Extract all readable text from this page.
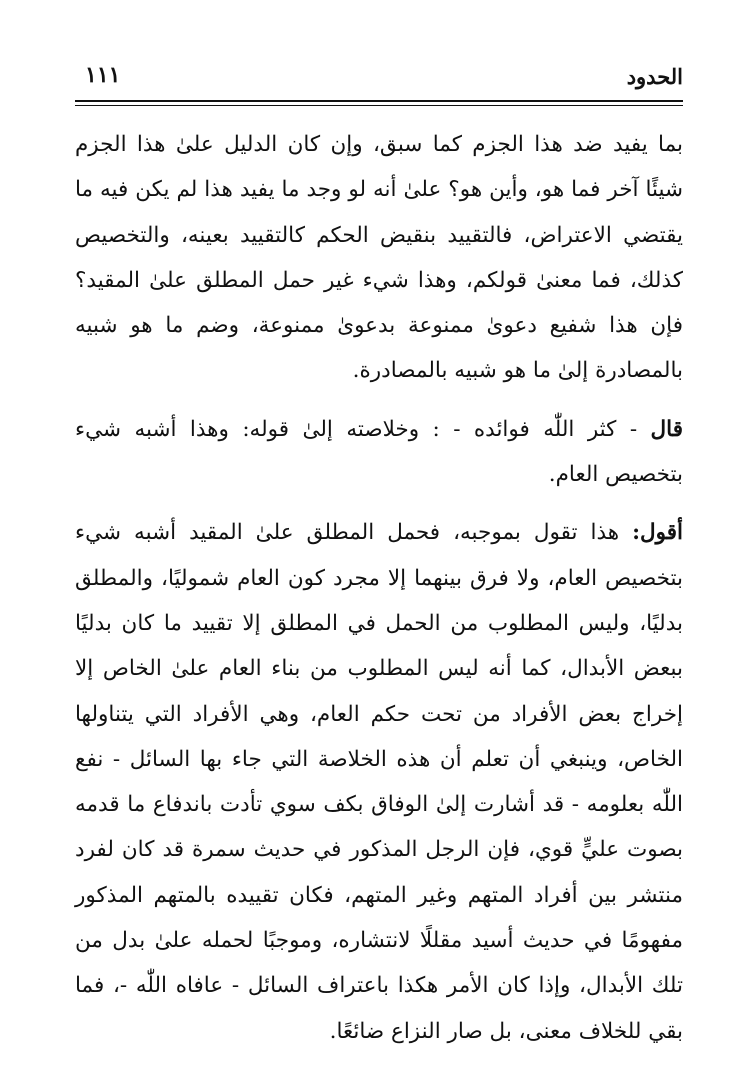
الحدود
١١١

بما يفيد ضد هذا الجزم كما سبق، وإن كان الدليل علىٰ هذا الجزم شيئًا آخر فما هو، وأين هو؟ علىٰ أنه لو وجد ما يفيد هذا لم يكن فيه ما يقتضي الاعتراض، فالتقييد بنقيض الحكم كالتقييد بعينه، والتخصيص كذلك، فما معنىٰ قولكم، وهذا شيء غير حمل المطلق علىٰ المقيد؟ فإن هذا شفيع دعوىٰ ممنوعة بدعوىٰ ممنوعة، وضم ما هو شبيه بالمصادرة إلىٰ ما هو شبيه بالمصادرة.

قال - كثر اللّٰه فوائده - : وخلاصته إلىٰ قوله: وهذا أشبه شيء بتخصيص العام.

أقول: هذا تقول بموجبه، فحمل المطلق علىٰ المقيد أشبه شيء بتخصيص العام، ولا فرق بينهما إلا مجرد كون العام شموليًا، والمطلق بدليًا، وليس المطلوب من الحمل في المطلق إلا تقييد ما كان بدليًا ببعض الأبدال، كما أنه ليس المطلوب من بناء العام علىٰ الخاص إلا إخراج بعض الأفراد من تحت حكم العام، وهي الأفراد التي يتناولها الخاص، وينبغي أن تعلم أن هذه الخلاصة التي جاء بها السائل - نفع اللّٰه بعلومه - قد أشارت إلىٰ الوفاق بكف سوي تأدت باندفاع ما قدمه بصوت عليٍّ قوي، فإن الرجل المذكور في حديث سمرة قد كان لفرد منتشر بين أفراد المتهم وغير المتهم، فكان تقييده بالمتهم المذكور مفهومًا في حديث أسيد مقللًا لانتشاره، وموجبًا لحمله علىٰ بدل من تلك الأبدال، وإذا كان الأمر هكذا باعتراف السائل - عافاه اللّٰه -، فما بقي للخلاف معنى، بل صار النزاع ضائعًا.
